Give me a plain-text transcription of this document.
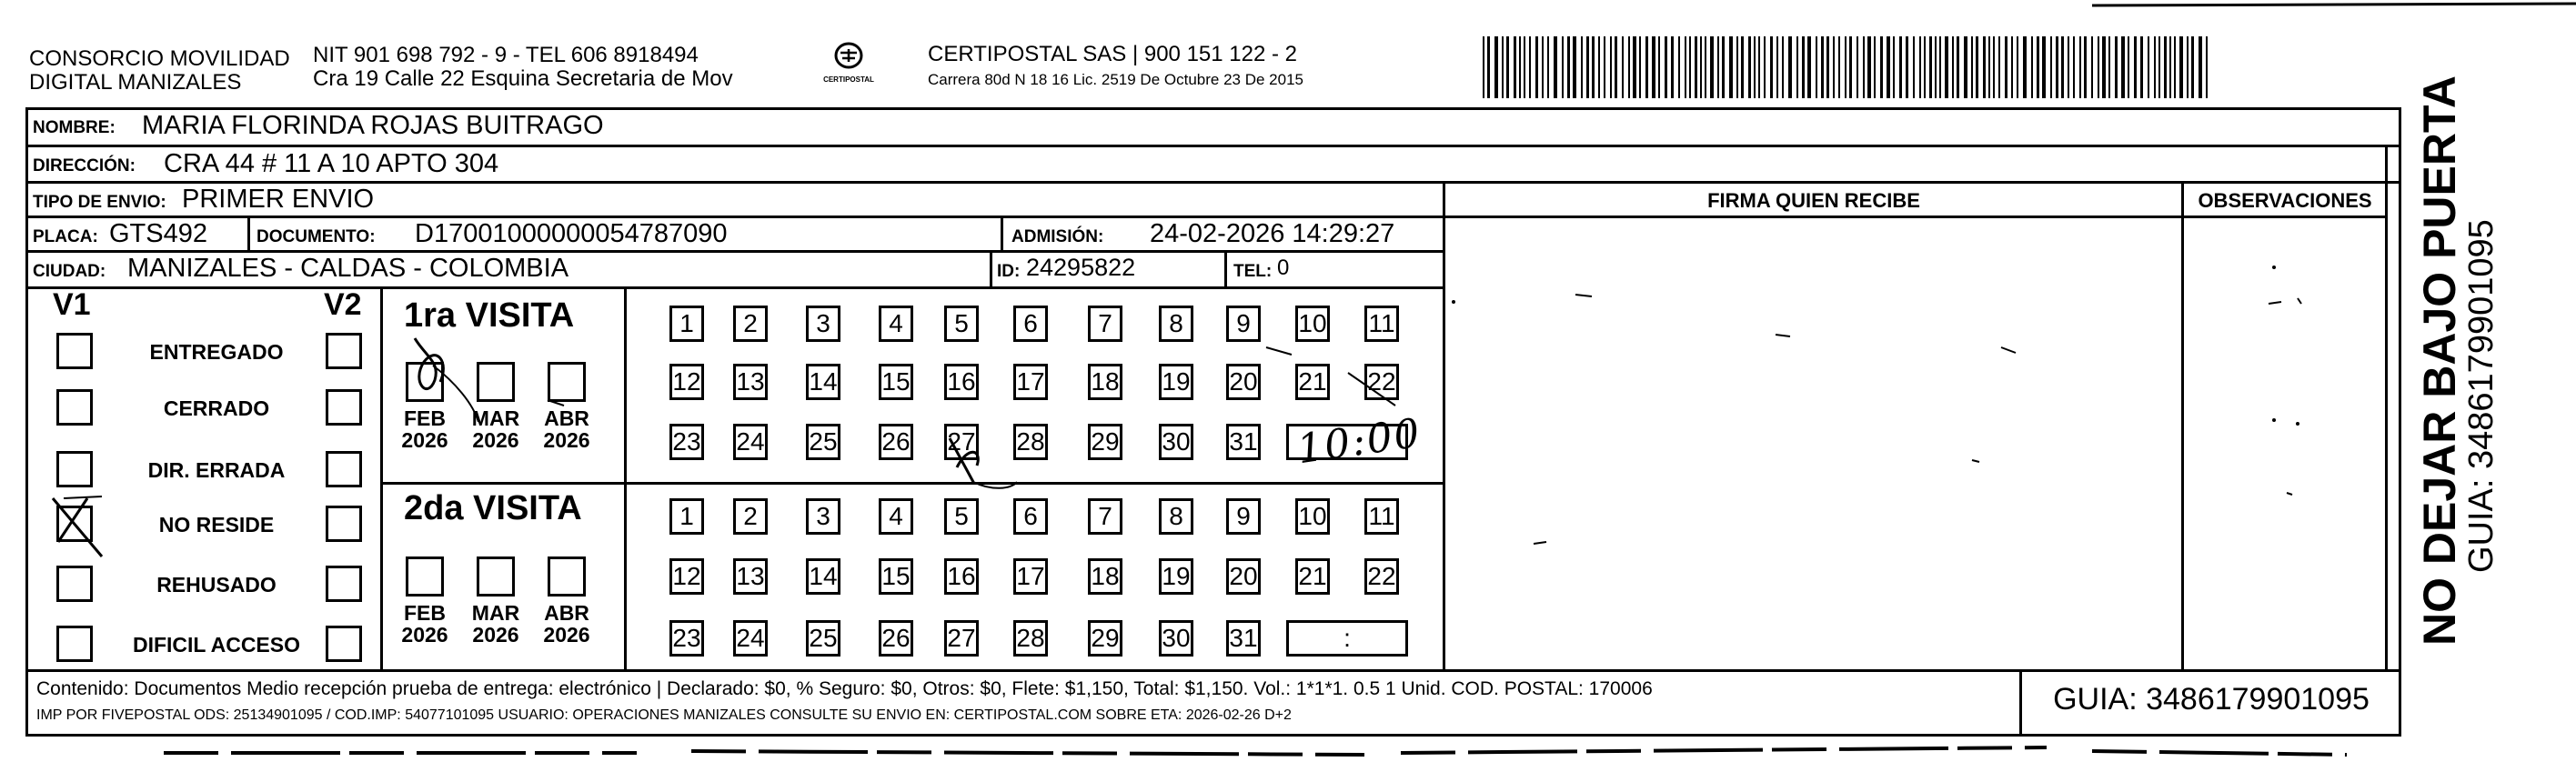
CONSORCIO MOVILIDAD
DIGITAL MANIZALES
NIT 901 698 792 - 9 - TEL 606 8918494
Cra 19 Calle 22 Esquina Secretaria de Mov	CERTIPOSTAL
CERTIPOSTAL SAS | 900 151 122 - 2
Carrera 80d N 18 16 Lic. 2519 De Octubre 23 De 2015
NOMBRE: MARIA FLORINDA ROJAS BUITRAGO
DIRECCIÓN: CRA 44 # 11 A 10 APTO 304
TIPO DE ENVIO: PRIMER ENVIO
PLACA: GTS492	DOCUMENTO: D17001000000054787090	ADMISIÓN: 24-02-2026 14:29:27
CIUDAD: MANIZALES - CALDAS - COLOMBIA	ID: 24295822	TEL: 0
FIRMA QUIEN RECIBE	OBSERVACIONES
V1	V2
ENTREGADO
CERRADO
DIR. ERRADA
NO RESIDE
REHUSADO
DIFICIL ACCESO
1ra VISITA
2da VISITA
1	2	3	4	5	6	7	8	9	10 11
12 13 14 15 16 17 18 19 20 21 22
23 24 25 26 27 28 29 30 31
FEB
2026
MAR
2026
ABR
2026
1	2	3	4	5	6	7	8	9	10 11
12 13 14 15 16 17 18 19 20 21 22
23 24 25 26 27 28 29 30 31	:
FEB
2026
MAR
2026
ABR
2026
10:00
Contenido: Documentos Medio recepción prueba de entrega: electrónico | Declarado: $0, % Seguro: $0, Otros: $0, Flete: $1,150, Total: $1,150. Vol.: 1*1*1. 0.5 1 Unid. COD. POSTAL: 170006
IMP POR FIVEPOSTAL ODS: 25134901095 / COD.IMP: 54077101095 USUARIO: OPERACIONES MANIZALES CONSULTE SU ENVIO EN: CERTIPOSTAL.COM SOBRE ETA: 2026-02-26 D+2	GUIA: 3486179901095
NO DEJAR BAJO PUERTA
GUIA: 3486179901095
